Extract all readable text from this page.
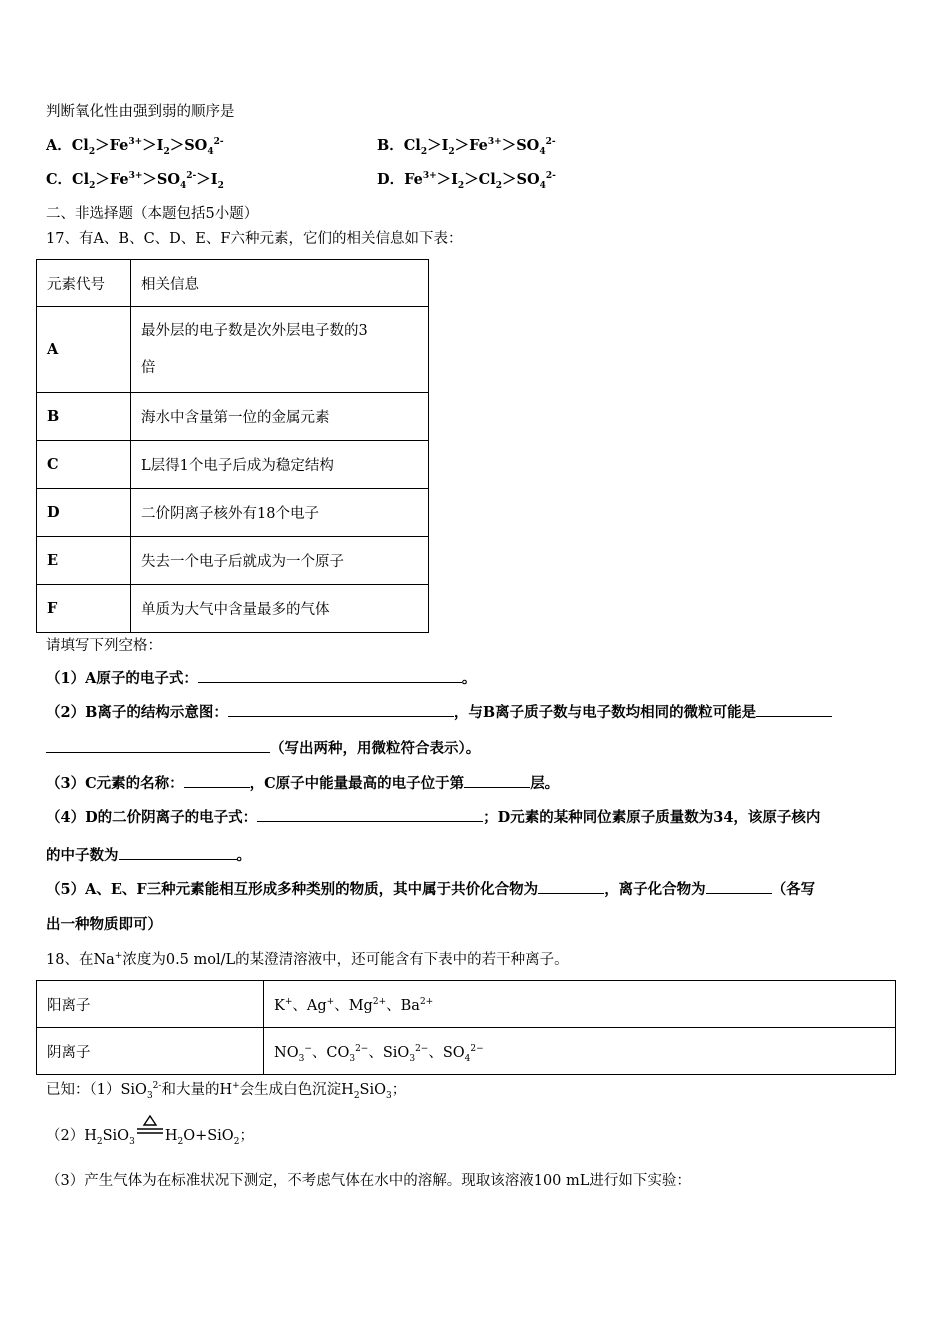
判断氧化性由强到弱的顺序是
A．$Cl_2>Fe^{3+}>I_2>SO_4^{2-}$	B．$Cl_2>I_2>Fe^{3+}>SO_4^{2-}$
C．$Cl_2>Fe^{3+}>SO_4^{2-}>I_2$	D．$Fe^{3+}>I_2>Cl_2>SO_4^{2-}$
二、非选择题（本题包括5小题）
17、有A、B、C、D、E、F六种元素，它们的相关信息如下表：
元素代号	相关信息
A	最外层的电子数是次外层电子数的3
倍
B	海水中含量第一位的金属元素
C	L层得1个电子后成为稳定结构
D	二价阴离子核外有18个电子
E	失去一个电子后就成为一个原子
F	单质为大气中含量最多的气体
请填写下列空格：
（1）A原子的电子式：	。
（2）B离子的结构示意图：	，与B离子质子数与电子数均相同的微粒可能是
（写出两种，用微粒符合表示）。
（3）C元素的名称：	，C原子中能量最高的电子位于第	层。
（4）D的二价阴离子的电子式：	；D元素的某种同位素原子质量数为34，该原子核内
的中子数为	。
（5）A、E、F三种元素能相互形成多种类别的物质，其中属于共价化合物为	，离子化合物为	（各写
出一种物质即可）
18、在Na+浓度为0.5 mol/L的某澄清溶液中，还可能含有下表中的若干种离子。
阳离子	K+、Ag+、$Mg^{2+}$、$Ba^{2+}$
阴离子	$NO_3^-$、$CO_3^{2-}$、SiO$_3^{2-}$、$SO_4^{2-}$
已知：（1）SiO$_3^{2-}$和大量的H+会生成白色沉淀$H_2SiO_3$；
$(2)H_2SiO_3$ $H_2O+SiO_2$；
（3）产生气体为在标准状况下测定，不考虑气体在水中的溶解。现取该溶液100 mL进行如下实验：
